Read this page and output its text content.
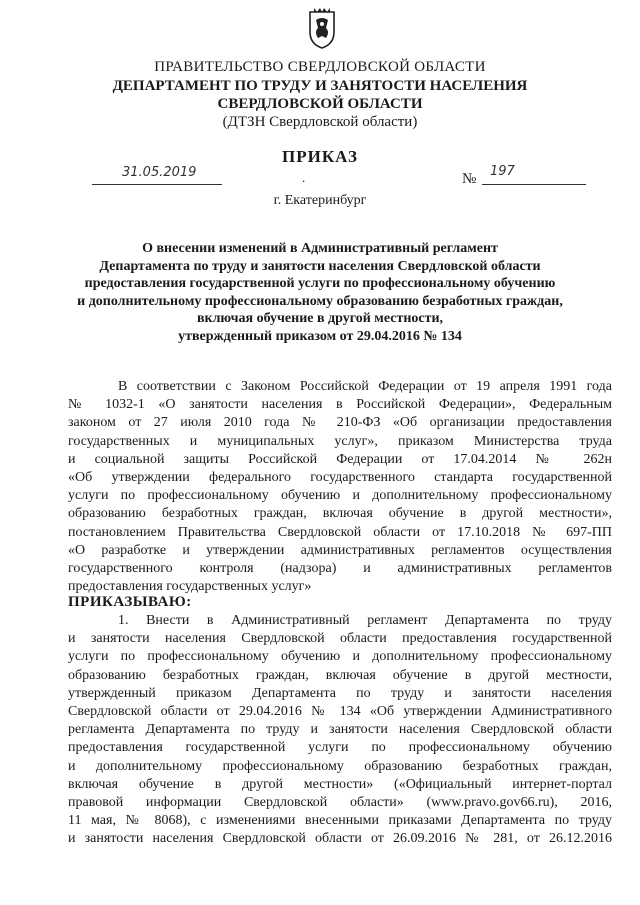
ПРАВИТЕЛЬСТВО СВЕРДЛОВСКОЙ ОБЛАСТИ
ДЕПАРТАМЕНТ ПО ТРУДУ И ЗАНЯТОСТИ НАСЕЛЕНИЯ
СВЕРДЛОВСКОЙ ОБЛАСТИ
(ДТЗН Свердловской области)
ПРИКАЗ
31.05.2019	.	№ 197
г. Екатеринбург
О внесении изменений в Административный регламент
Департамента по труду и занятости населения Свердловской области
предоставления государственной услуги по профессиональному обучению
и дополнительному профессиональному образованию безработных граждан,
включая обучение в другой местности,
утвержденный приказом от 29.04.2016 № 134
В соответствии с Законом Российской Федерации от 19 апреля 1991 года
№ 1032-1 «О занятости населения в Российской Федерации», Федеральным
законом от 27 июля 2010 года № 210-ФЗ «Об организации предоставления
государственных и муниципальных услуг», приказом Министерства труда
и социальной защиты Российской Федерации от 17.04.2014 № 262н
«Об утверждении федерального государственного стандарта государственной
услуги по профессиональному обучению и дополнительному профессиональному
образованию безработных граждан, включая обучение в другой местности»,
постановлением Правительства Свердловской области от 17.10.2018 № 697-ПП
«О разработке и утверждении административных регламентов осуществления
государственного контроля (надзора) и административных регламентов
предоставления государственных услуг»
ПРИКАЗЫВАЮ:
1. Внести в Административный регламент Департамента по труду
и занятости населения Свердловской области предоставления государственной
услуги по профессиональному обучению и дополнительному профессиональному
образованию безработных граждан, включая обучение в другой местности,
утвержденный приказом Департамента по труду и занятости населения
Свердловской области от 29.04.2016 № 134 «Об утверждении Административного
регламента Департамента по труду и занятости населения Свердловской области
предоставления государственной услуги по профессиональному обучению
и дополнительному профессиональному образованию безработных граждан,
включая обучение в другой местности» («Официальный интернет-портал
правовой информации Свердловской области» (www.pravo.gov66.ru), 2016,
11 мая, № 8068), с изменениями внесенными приказами Департамента по труду
и занятости населения Свердловской области от 26.09.2016 № 281, от 26.12.2016
